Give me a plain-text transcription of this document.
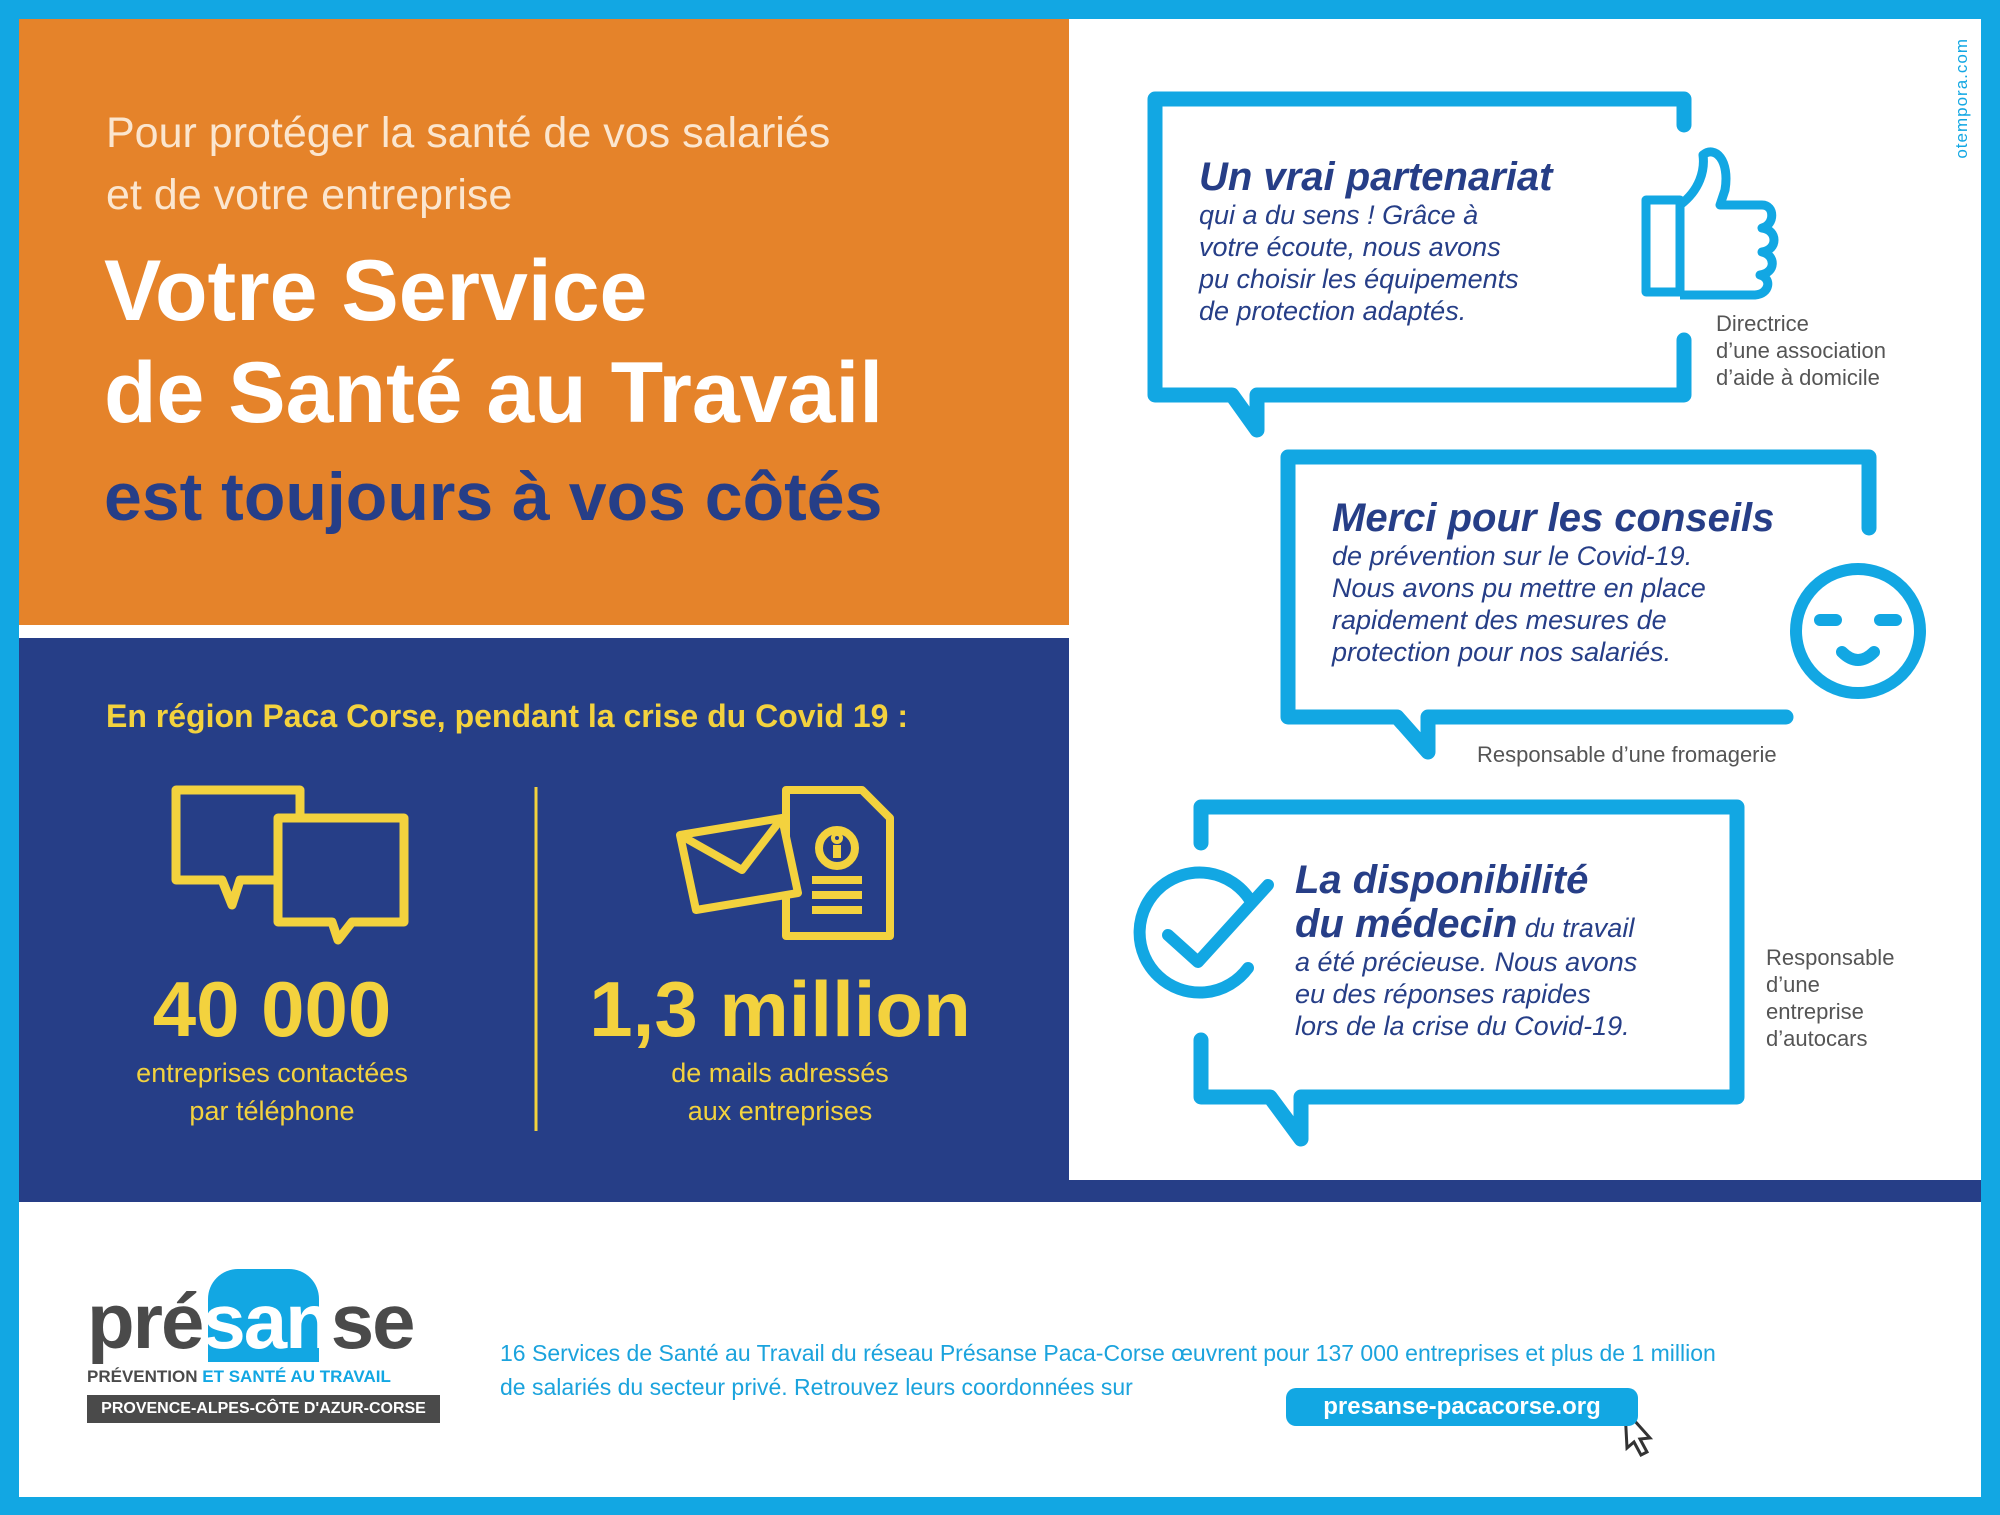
Pour protéger la santé de vos salariés
et de votre entreprise
Votre Service
de Santé au Travail
est toujours à vos côtés
En région Paca Corse, pendant la crise du Covid 19 :
40 000
entreprises contactées
par téléphone
1,3 million
de mails adressés
aux entreprises
Un vrai partenariat
qui a du sens ! Grâce à
votre écoute, nous avons
pu choisir les équipements
de protection adaptés.	Directrice
d’une association
d’aide à domicile
Merci pour les conseils
de prévention sur le Covid-19.
Nous avons pu mettre en place
rapidement des mesures de
protection pour nos salariés.
Responsable d’une fromagerie
La disponibilité
du médecin du travail
a été précieuse. Nous avons
eu des réponses rapides
lors de la crise du Covid-19.
Responsable
d’une
entreprise
d’autocars
otempora.com
présanse
PRÉVENTION ET SANTÉ AU TRAVAIL
PROVENCE-ALPES-CÔTE D'AZUR-CORSE
16 Services de Santé au Travail du réseau Présanse Paca-Corse œuvrent pour 137 000 entreprises et plus de 1 million
de salariés du secteur privé. Retrouvez leurs coordonnées sur
presanse-pacacorse.org
